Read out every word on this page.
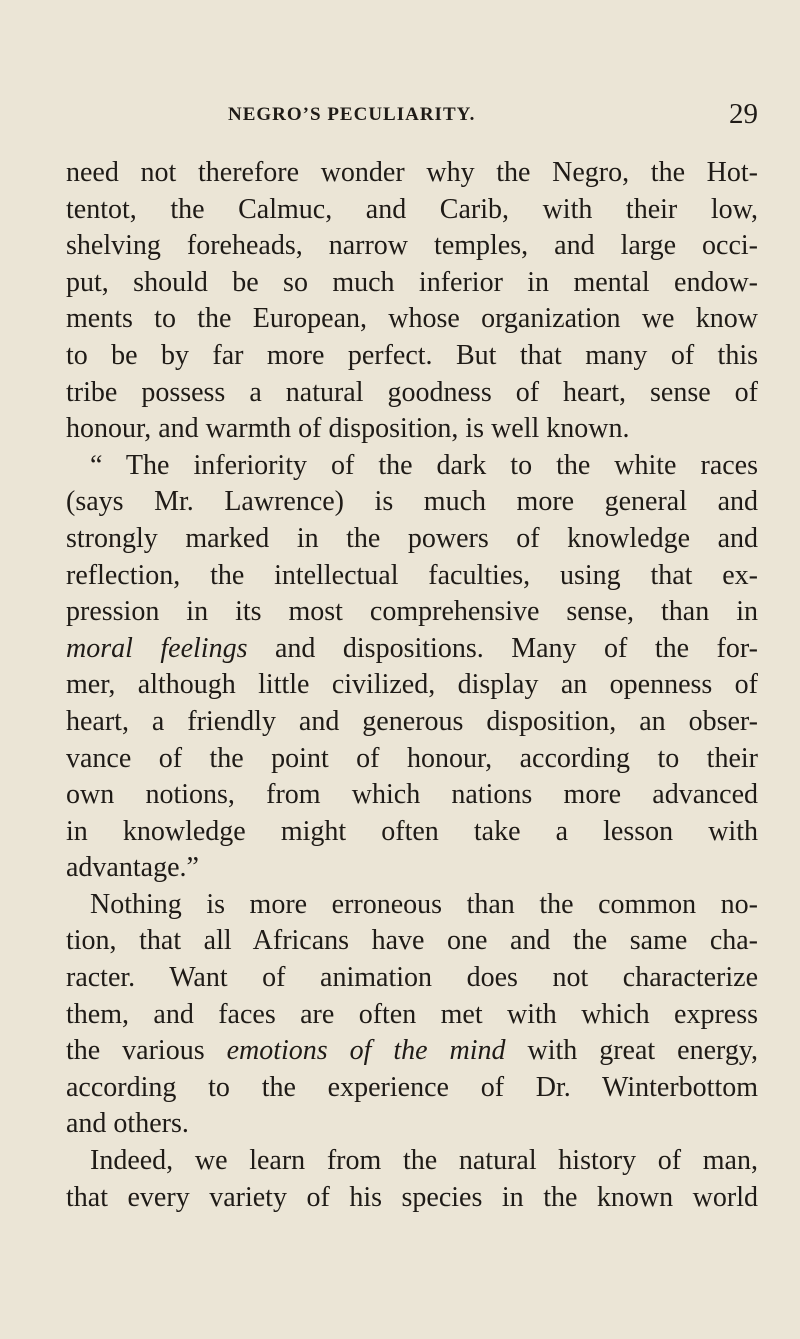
NEGRO’S PECULIARITY.	29
need not therefore wonder why the Negro, the Hot-
tentot, the Calmuc, and Carib, with their low,
shelving foreheads, narrow temples, and large occi-
put, should be so much inferior in mental endow-
ments to the European, whose organization we know
to be by far more perfect. But that many of this
tribe possess a natural goodness of heart, sense of
honour, and warmth of disposition, is well known.
“ The inferiority of the dark to the white races
(says Mr. Lawrence) is much more general and
strongly marked in the powers of knowledge and
reflection, the intellectual faculties, using that ex-
pression in its most comprehensive sense, than in
moral feelings and dispositions. Many of the for-
mer, although little civilized, display an openness of
heart, a friendly and generous disposition, an obser-
vance of the point of honour, according to their
own notions, from which nations more advanced
in knowledge might often take a lesson with
advantage.”
Nothing is more erroneous than the common no-
tion, that all Africans have one and the same cha-
racter. Want of animation does not characterize
them, and faces are often met with which express
the various emotions of the mind with great energy,
according to the experience of Dr. Winterbottom
and others.
Indeed, we learn from the natural history of man,
that every variety of his species in the known world
